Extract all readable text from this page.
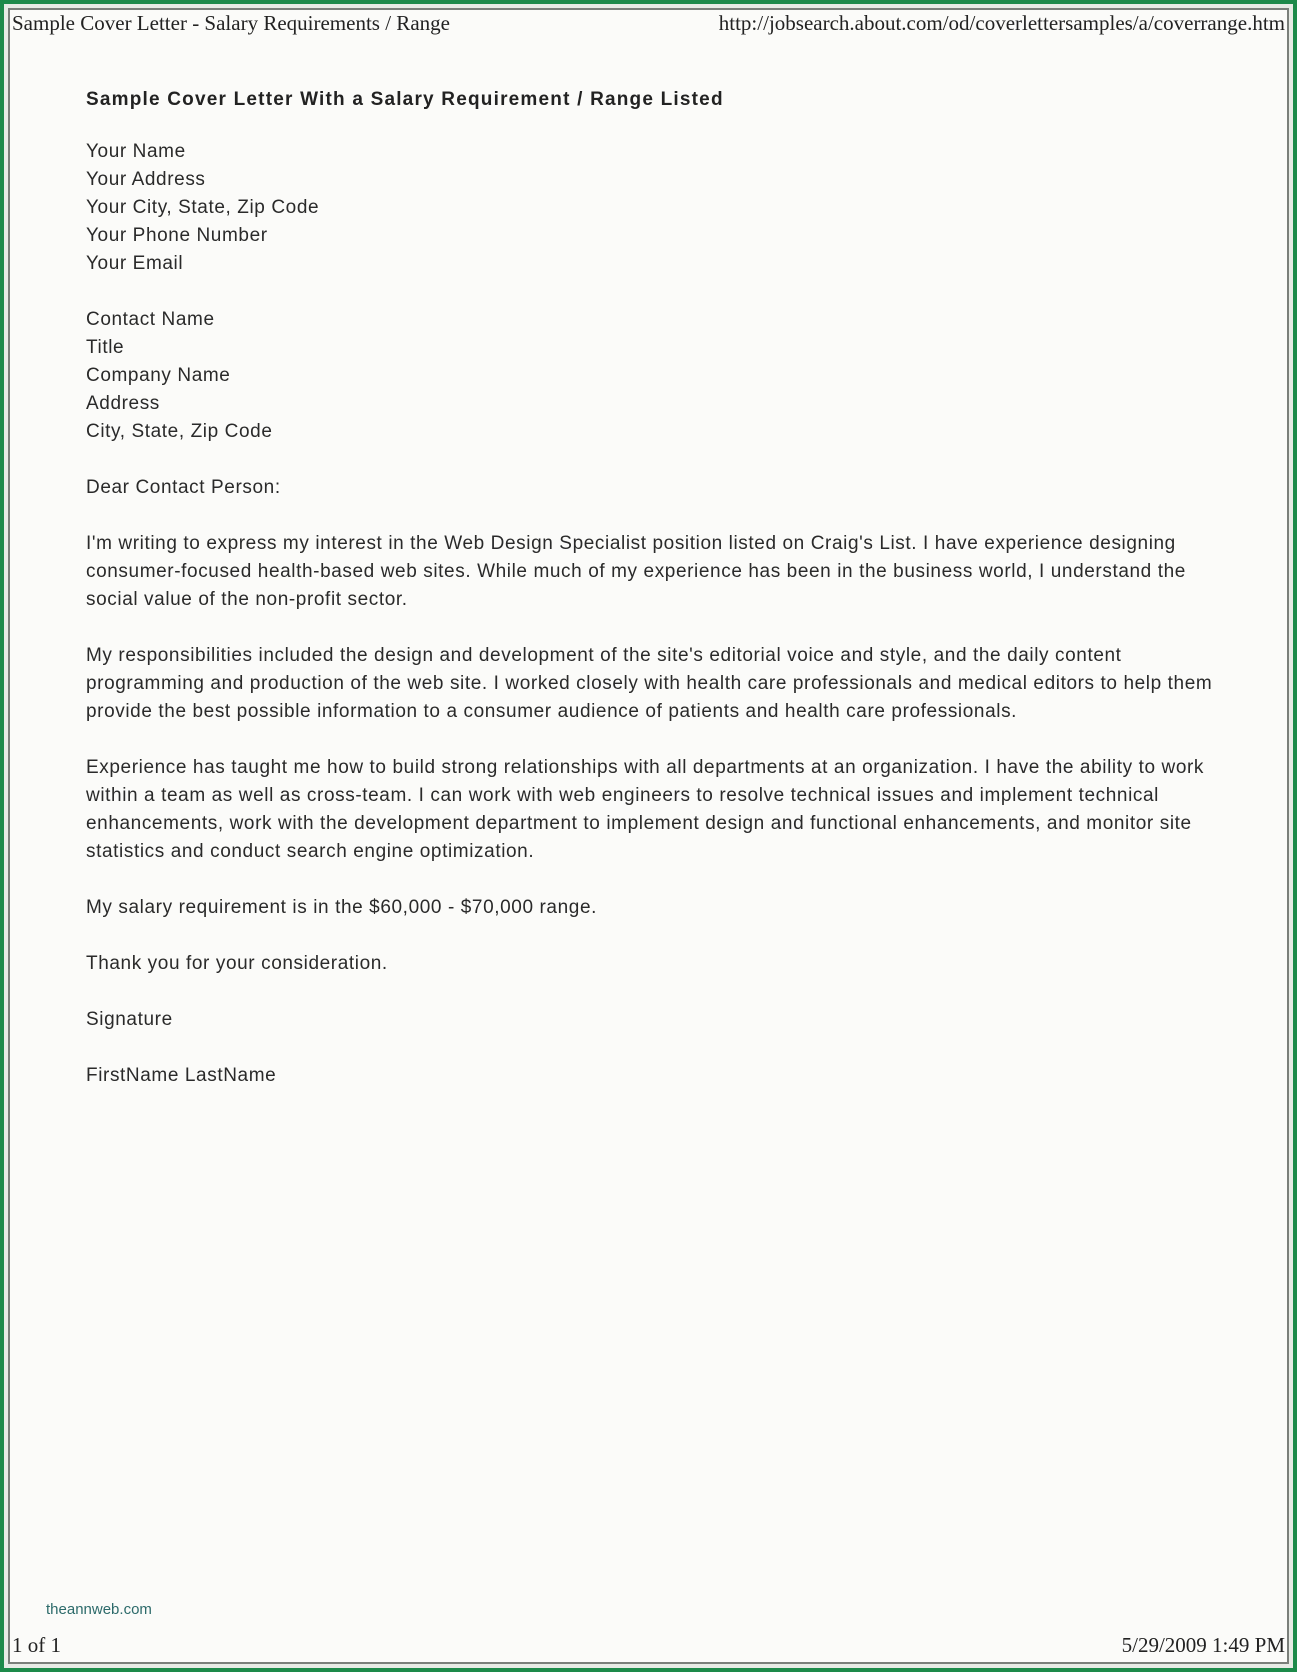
Sample Cover Letter - Salary Requirements / Range	http://jobsearch.about.com/od/coverlettersamples/a/coverrange.htm
Sample Cover Letter With a Salary Requirement / Range Listed
Your Name
Your Address
Your City, State, Zip Code
Your Phone Number
Your Email
Contact Name
Title
Company Name
Address
City, State, Zip Code

Dear Contact Person:

I'm writing to express my interest in the Web Design Specialist position listed on Craig's List. I have experience designing consumer-focused health-based web sites. While much of my experience has been in the business world, I understand the social value of the non-profit sector.

My responsibilities included the design and development of the site's editorial voice and style, and the daily content programming and production of the web site. I worked closely with health care professionals and medical editors to help them provide the best possible information to a consumer audience of patients and health care professionals.

Experience has taught me how to build strong relationships with all departments at an organization. I have the ability to work within a team as well as cross-team. I can work with web engineers to resolve technical issues and implement technical enhancements, work with the development department to implement design and functional enhancements, and monitor site statistics and conduct search engine optimization.

My salary requirement is in the $60,000 - $70,000 range.

Thank you for your consideration.

Signature

FirstName LastName

theannweb.com
1 of 1	5/29/2009 1:49 PM
